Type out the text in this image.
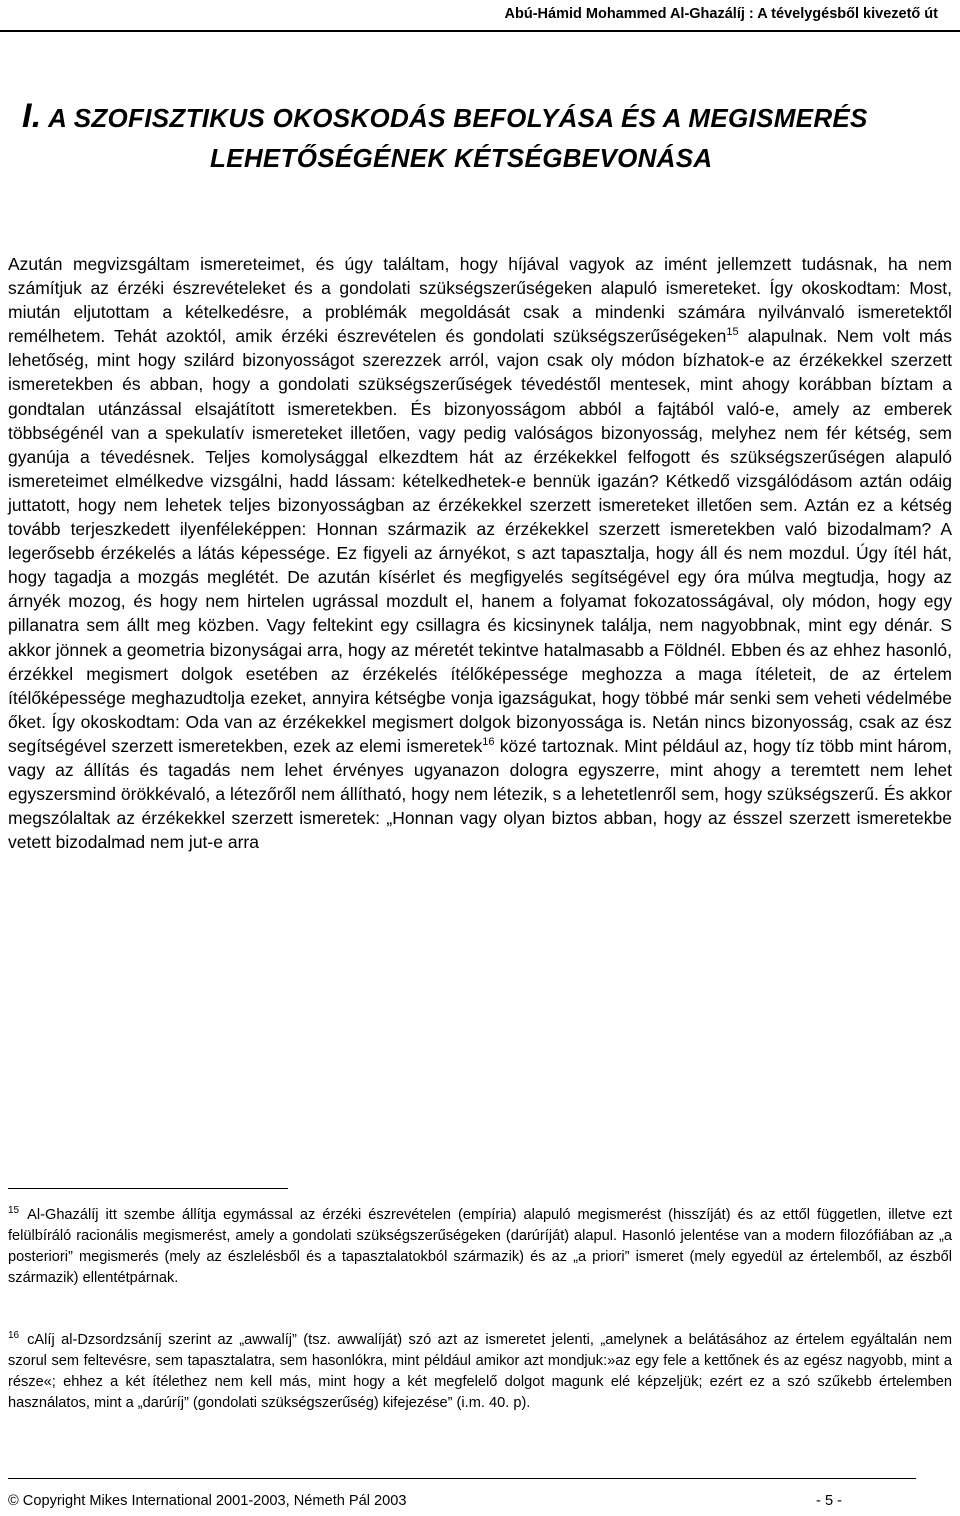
Abú-Hámid Mohammed Al-Ghazálíj : A tévelygésből kivezető út
I. A SZOFISZTIKUS OKOSKODÁS BEFOLYÁSA ÉS A MEGISMERÉS
LEHETŐSÉGÉNEK KÉTSÉGBEVONÁSA

Azután megvizsgáltam ismereteimet, és úgy találtam, hogy híjával vagyok az imént jellemzett tudásnak, ha nem számítjuk az érzéki észrevételeket és a gondolati szükségszerűségeken alapuló ismereteket. Így okoskodtam: Most, miután eljutottam a kételkedésre, a problémák megoldását csak a mindenki számára nyilvánvaló ismeretektől remélhetem. Tehát azoktól, amik érzéki észrevételen és gondolati szükségszerűségeken$^{15}$ alapulnak. Nem volt más lehetőség, mint hogy szilárd bizonyosságot szerezzek arról, vajon csak oly módon bízhatok-e az érzékekkel szerzett ismeretekben és abban, hogy a gondolati szükségszerűségek tévedéstől mentesek, mint ahogy korábban bíztam a gondtalan utánzással elsajátított ismeretekben. És bizonyosságom abból a fajtából való-e, amely az emberek többségénél van a spekulatív ismereteket illetően, vagy pedig valóságos bizonyosság, melyhez nem fér kétség, sem gyanúja a tévedésnek. Teljes komolysággal elkezdtem hát az érzékekkel felfogott és szükségszerűségen alapuló ismereteimet elmélkedve vizsgálni, hadd lássam: kételkedhetek-e bennük igazán? Kétkedő vizsgálódásom aztán odáig juttatott, hogy nem lehetek teljes bizonyosságban az érzékekkel szerzett ismereteket illetően sem. Aztán ez a kétség tovább terjeszkedett ilyenféleképpen: Honnan származik az érzékekkel szerzett ismeretekben való bizodalmam? A legerősebb érzékelés a látás képessége. Ez figyeli az árnyékot, s azt tapasztalja, hogy áll és nem mozdul. Úgy ítél hát, hogy tagadja a mozgás meglétét. De azután kísérlet és megfigyelés segítségével egy óra múlva megtudja, hogy az árnyék mozog, és hogy nem hirtelen ugrással mozdult el, hanem a folyamat fokozatosságával, oly módon, hogy egy pillanatra sem állt meg közben. Vagy feltekint egy csillagra és kicsinynek találja, nem nagyobbnak, mint egy dénár. S akkor jönnek a geometria bizonyságai arra, hogy az méretét tekintve hatalmasabb a Földnél. Ebben és az ehhez hasonló, érzékkel megismert dolgok esetében az érzékelés ítélőképessége meghozza a maga ítéleteit, de az értelem ítélőképessége meghazudtolja ezeket, annyira kétségbe vonja igazságukat, hogy többé már senki sem veheti védelmébe őket. Így okoskodtam: Oda van az érzékekkel megismert dolgok bizonyossága is. Netán nincs bizonyosság, csak az ész segítségével szerzett ismeretekben, ezek az elemi ismeretek$^{16}$ közé tartoznak. Mint például az, hogy tíz több mint három, vagy az állítás és tagadás nem lehet érvényes ugyanazon dologra egyszerre, mint ahogy a teremtett nem lehet egyszersmind örökkévaló, a létezőről nem állítható, hogy nem létezik, s a lehetetlenről sem, hogy szükségszerű. És akkor megszólaltak az érzékekkel szerzett ismeretek: „Honnan vagy olyan biztos abban, hogy az ésszel szerzett ismeretekbe vetett bizodalmad nem jut-e arra

$^{15}$ Al-Ghazálíj itt szembe állítja egymással az érzéki észrevételen (empíria) alapuló megismerést (hisszíját) és az ettől független, illetve ezt felülbíráló racionális megismerést, amely a gondolati szükségszerűségeken (darúríját) alapul. Hasonló jelentése van a modern filozófiában az „a posteriori” megismerés (mely az észlelésből és a tapasztalatokból származik) és az „a priori” ismeret (mely egyedül az értelemből, az észből származik) ellentétpárnak.

$^{16}$ cAlíj al-Dzsordzsáníj szerint az „awwalíj” (tsz. awwalíját) szó azt az ismeretet jelenti, „amelynek a belátásához az értelem egyáltalán nem szorul sem feltevésre, sem tapasztalatra, sem hasonlókra, mint például amikor azt mondjuk:»az egy fele a kettőnek és az egész nagyobb, mint a része«; ehhez a két ítélethez nem kell más, mint hogy a két megfelelő dolgot magunk elé képzeljük; ezért ez a szó szűkebb értelemben használatos, mint a „darúríj” (gondolati szükségszerűség) kifejezése” (i.m. 40. p).

© Copyright Mikes International 2001-2003, Németh Pál 2003	- 5 -
